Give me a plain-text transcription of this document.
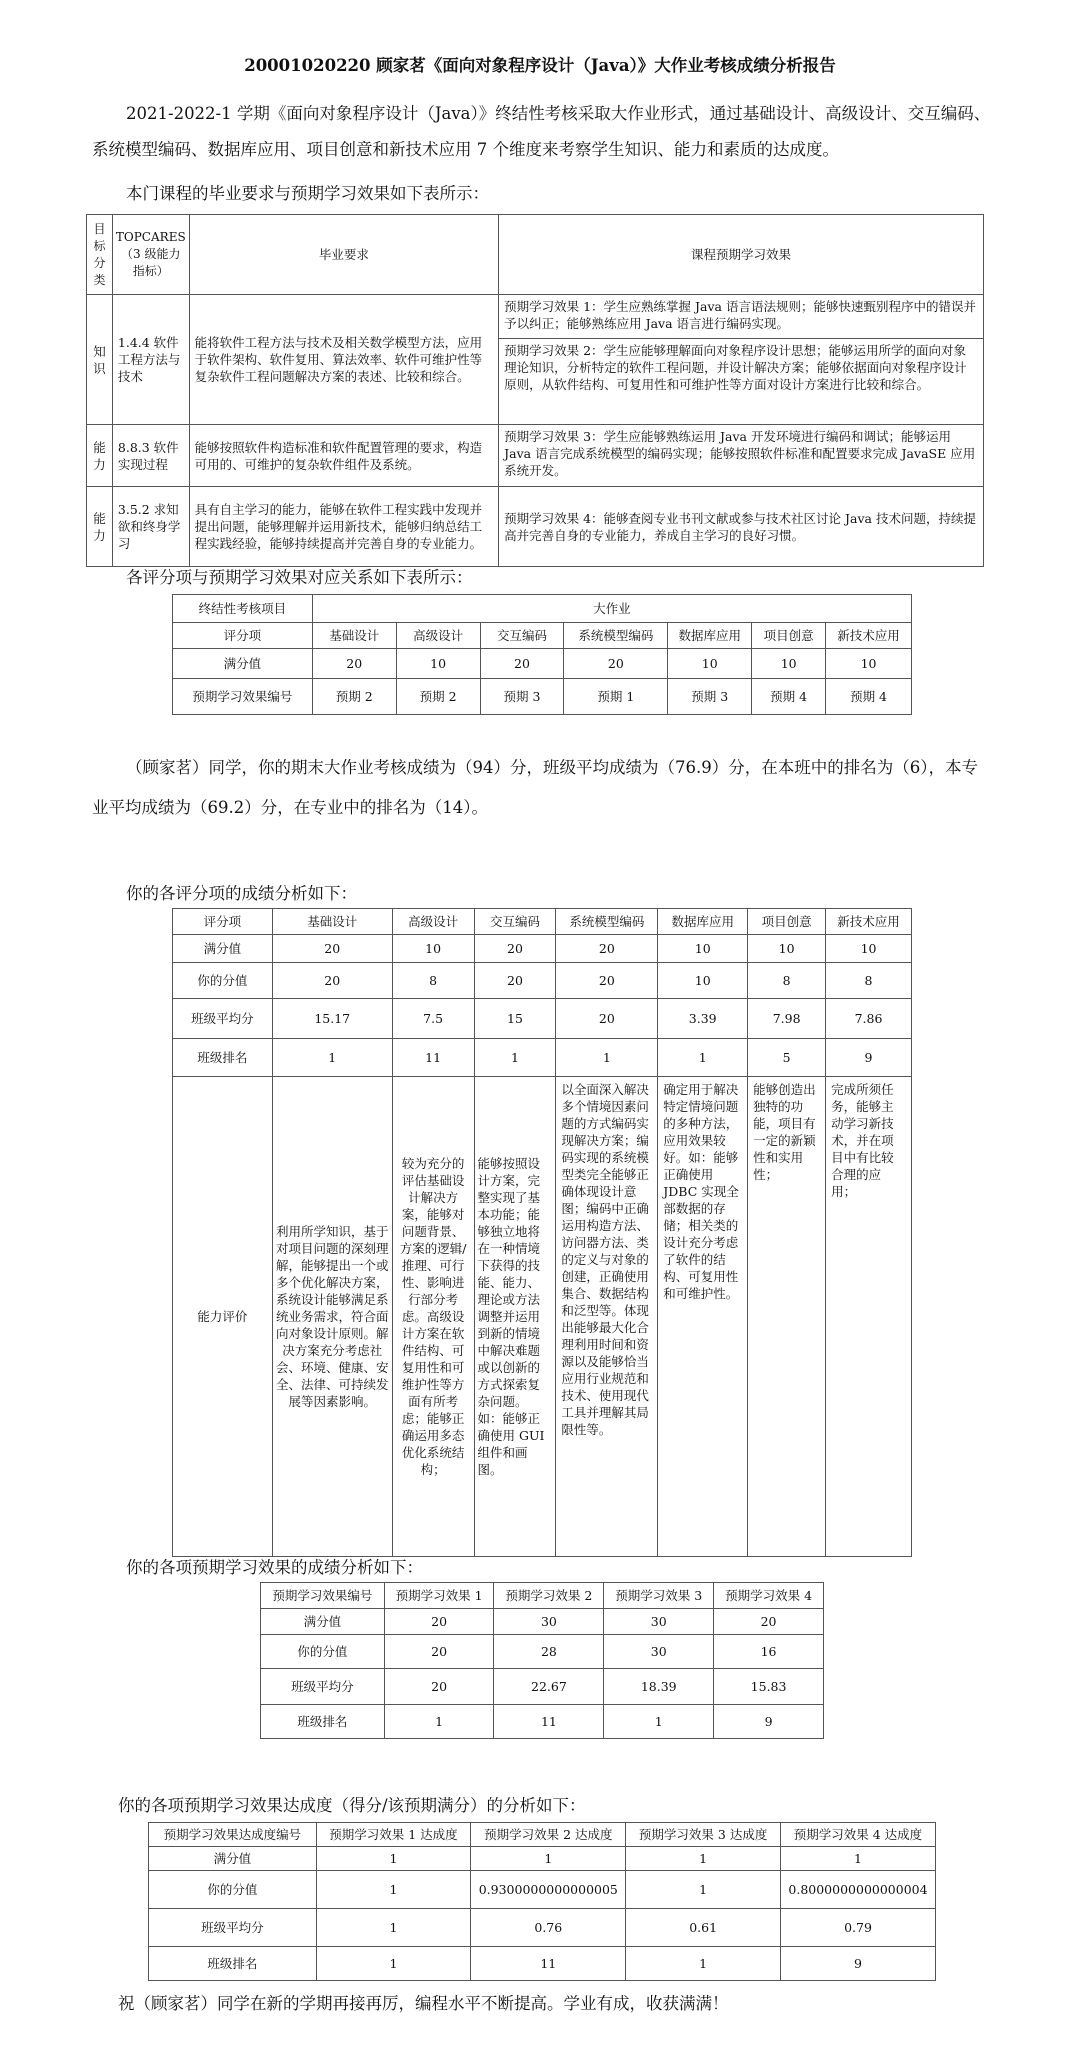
20001020220 顾家茗《面向对象程序设计（Java）》大作业考核成绩分析报告
2021-2022-1 学期《面向对象程序设计（Java）》终结性考核采取大作业形式，通过基础设计、高级设计、交互编码、系统模型编码、数据库应用、项目创意和新技术应用 7 个维度来考察学生知识、能力和素质的达成度。
本门课程的毕业要求与预期学习效果如下表所示：
目标分类	TOPCARES（3 级能力指标）	毕业要求	课程预期学习效果
知识	1.4.4 软件工程方法与技术	能将软件工程方法与技术及相关数学模型方法，应用于软件架构、软件复用、算法效率、软件可维护性等复杂软件工程问题解决方案的表述、比较和综合。	预期学习效果 1：学生应熟练掌握 Java 语言语法规则；能够快速甄别程序中的错误并予以纠正；能够熟练应用 Java 语言进行编码实现。
			预期学习效果 2：学生应能够理解面向对象程序设计思想；能够运用所学的面向对象理论知识，分析特定的软件工程问题，并设计解决方案；能够依据面向对象程序设计原则，从软件结构、可复用性和可维护性等方面对设计方案进行比较和综合。
能力	8.8.3 软件实现过程	能够按照软件构造标准和软件配置管理的要求，构造可用的、可维护的复杂软件组件及系统。	预期学习效果 3：学生应能够熟练运用 Java 开发环境进行编码和调试；能够运用 Java 语言完成系统模型的编码实现；能够按照软件标准和配置要求完成 JavaSE 应用系统开发。
能力	3.5.2 求知欲和终身学习	具有自主学习的能力，能够在软件工程实践中发现并提出问题，能够理解并运用新技术，能够归纳总结工程实践经验，能够持续提高并完善自身的专业能力。	预期学习效果 4：能够查阅专业书刊文献或参与技术社区讨论 Java 技术问题，持续提高并完善自身的专业能力，养成自主学习的良好习惯。
各评分项与预期学习效果对应关系如下表所示：
终结性考核项目	大作业						
评分项	基础设计	高级设计	交互编码	系统模型编码	数据库应用	项目创意	新技术应用
满分值	20	10	20	20	10	10	10
预期学习效果编号	预期 2	预期 2	预期 3	预期 1	预期 3	预期 4	预期 4
（顾家茗）同学，你的期末大作业考核成绩为（94）分，班级平均成绩为（76.9）分，在本班中的排名为（6），本专业平均成绩为（69.2）分，在专业中的排名为（14）。
你的各评分项的成绩分析如下：
评分项	基础设计	高级设计	交互编码	系统模型编码	数据库应用	项目创意	新技术应用
满分值	20	10	20	20	10	10	10
你的分值	20	8	20	20	10	8	8
班级平均分	15.17	7.5	15	20	3.39	7.98	7.86
班级排名	1	11	1	1	1	5	9
能力评价	利用所学知识，基于对项目问题的深刻理解，能够提出一个或多个优化解决方案，系统设计能够满足系统业务需求，符合面向对象设计原则。解决方案充分考虑社会、环境、健康、安全、法律、可持续发展等因素影响。	较为充分的评估基础设计解决方案，能够对问题背景、方案的逻辑/推理、可行性、影响进行部分考虑。高级设计方案在软件结构、可复用性和可维护性等方面有所考虑；能够正确运用多态优化系统结构；	能够按照设计方案，完整实现了基本功能；能够独立地将在一种情境下获得的技能、能力、理论或方法调整并运用到新的情境中解决难题或以创新的方式探索复杂问题。如：能够正确使用 GUI 组件和画图。	以全面深入解决多个情境因素问题的方式编码实现解决方案；编码实现的系统模型类完全能够正确体现设计意图；编码中正确运用构造方法、访问器方法、类的定义与对象的创建，正确使用集合、数据结构和泛型等。体现出能够最大化合理利用时间和资源以及能够恰当应用行业规范和技术、使用现代工具并理解其局限性等。	确定用于解决特定情境问题的多种方法，应用效果较好。如：能够正确使用 JDBC 实现全部数据的存储；相关类的设计充分考虑了软件的结构、可复用性和可维护性。	能够创造出独特的功能，项目有一定的新颖性和实用性；	完成所须任务，能够主动学习新技术，并在项目中有比较合理的应用；
你的各项预期学习效果的成绩分析如下：
预期学习效果编号	预期学习效果 1	预期学习效果 2	预期学习效果 3	预期学习效果 4
满分值	20	30	30	20
你的分值	20	28	30	16
班级平均分	20	22.67	18.39	15.83
班级排名	1	11	1	9
你的各项预期学习效果达成度（得分/该预期满分）的分析如下：
预期学习效果达成度编号	预期学习效果 1 达成度	预期学习效果 2 达成度	预期学习效果 3 达成度	预期学习效果 4 达成度
满分值	1	1	1	1
你的分值	1	0.9300000000000005	1	0.8000000000000004
班级平均分	1	0.76	0.61	0.79
班级排名	1	11	1	9
祝（顾家茗）同学在新的学期再接再厉，编程水平不断提高。学业有成，收获满满！
